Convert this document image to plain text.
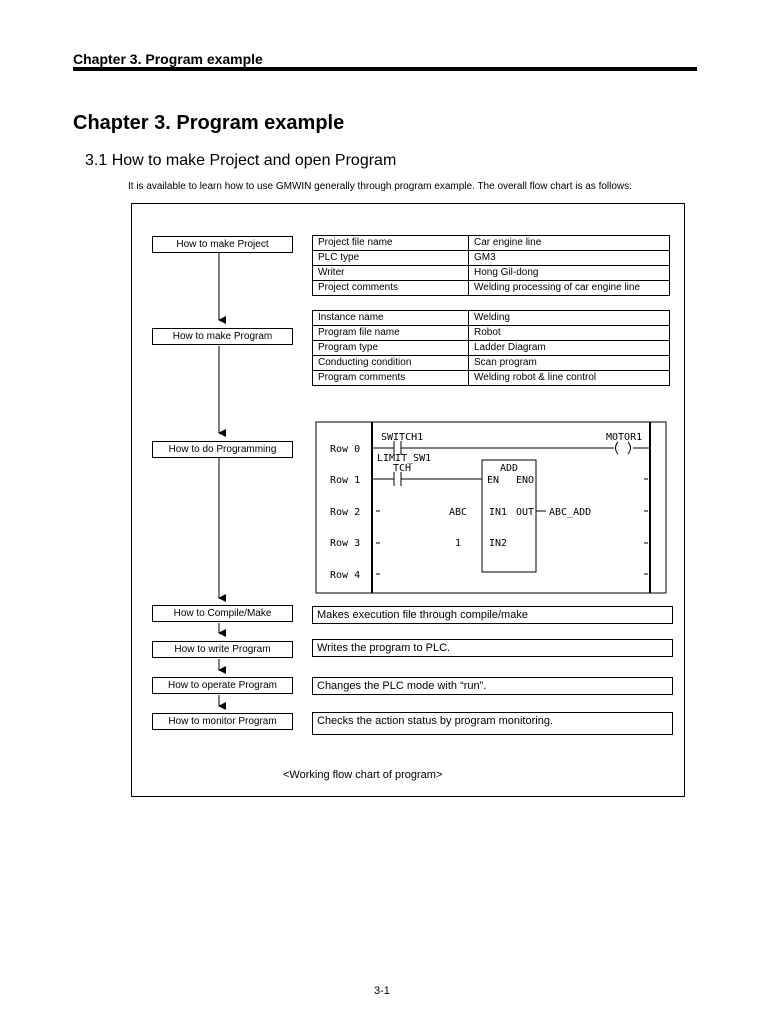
Chapter 3. Program example
Chapter 3. Program example
3.1 How to make Project and open Program
It is available to learn how to use GMWIN generally through program example. The overall flow chart is as follows:
How to make Project
How to make Program
How to do Programming
How to Compile/Make
How to write Program
How to operate Program
How to monitor Program
Project file name	Car engine line
PLC type	GM3
Writer	Hong Gil-dong
Project comments	Welding processing of car engine line
Instance name	Welding
Program file name	Robot
Program type	Ladder Diagram
Conducting condition	Scan program
Program comments	Welding robot & line control
Row 0
Row 1
Row 2
Row 3
Row 4
SWITCH1	MOTOR1
LIMIT_SW1
TCH	ADD
EN ENO
IN1
IN2
OUT
ABC
1
ABC_ADD
Makes execution file through compile/make
Writes the program to PLC.
Changes the PLC mode with “run”.
Checks the action status by program monitoring.
<Working flow chart of program>
3-1
